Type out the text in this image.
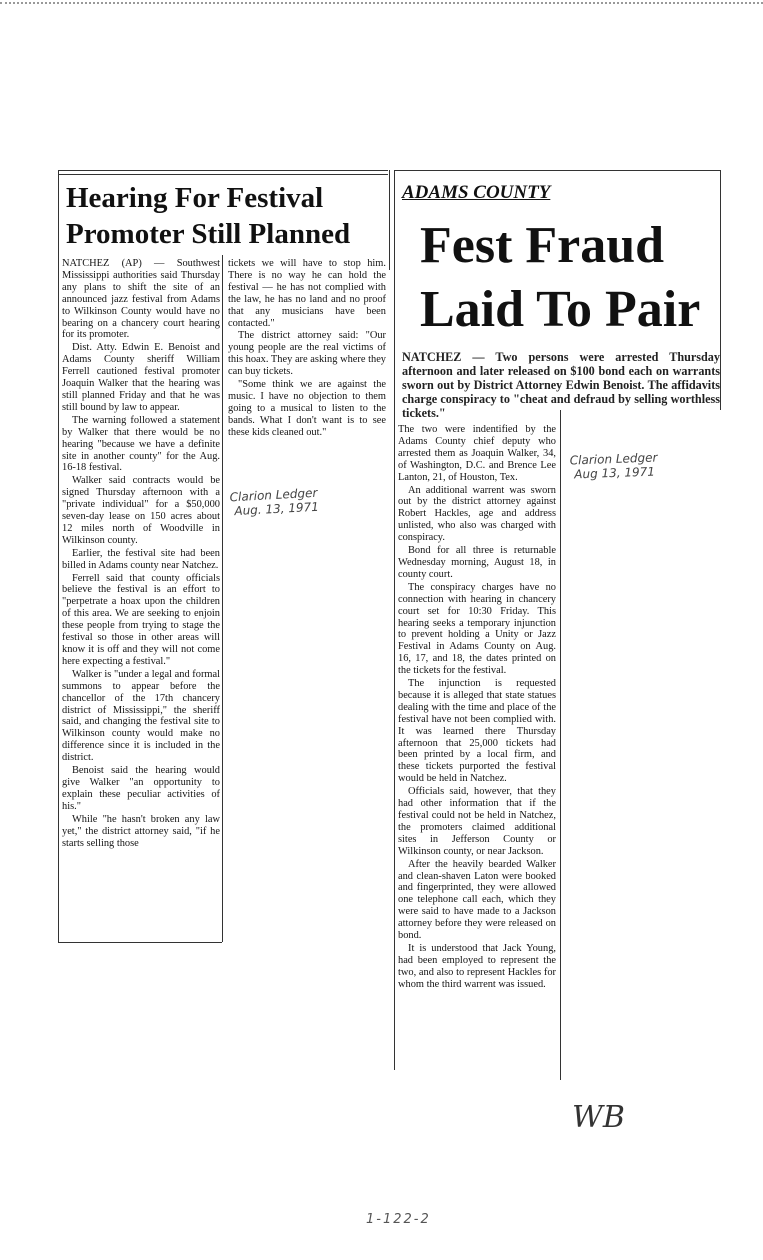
Hearing For Festival
Promoter Still Planned

NATCHEZ (AP) — Southwest Mississippi authorities said Thursday any plans to shift the site of an announced jazz festival from Adams to Wilkinson County would have no bearing on a chancery court hearing for its promoter.

Dist. Atty. Edwin E. Benoist and Adams County sheriff William Ferrell cautioned festival promoter Joaquin Walker that the hearing was still planned Friday and that he was still bound by law to appear.

The warning followed a statement by Walker that there would be no hearing "because we have a definite site in another county" for the Aug. 16-18 festival.

Walker said contracts would be signed Thursday afternoon with a "private individual" for a $50,000 seven-day lease on 150 acres about 12 miles north of Woodville in Wilkinson county.

Earlier, the festival site had been billed in Adams county near Natchez.

Ferrell said that county officials believe the festival is an effort to "perpetrate a hoax upon the children of this area. We are seeking to enjoin these people from trying to stage the festival so those in other areas will know it is off and they will not come here expecting a festival."

Walker is "under a legal and formal summons to appear before the chancellor of the 17th chancery district of Mississippi," the sheriff said, and changing the festival site to Wilkinson county would make no difference since it is included in the district.

Benoist said the hearing would give Walker "an opportunity to explain these peculiar activities of his."

While "he hasn't broken any law yet," the district attorney said, "if he starts selling those

tickets we will have to stop him. There is no way he can hold the festival — he has not complied with the law, he has no land and no proof that any musicians have been contacted."

The district attorney said: "Our young people are the real victims of this hoax. They are asking where they can buy tickets.

"Some think we are against the music. I have no objection to them going to a musical to listen to the bands. What I don't want is to see these kids cleaned out."

Clarion Ledger
Aug. 13, 1971
ADAMS COUNTY
Fest Fraud
Laid To Pair
NATCHEZ — Two persons were arrested Thursday afternoon and later released on $100 bond each on warrants sworn out by District Attorney Edwin Benoist. The affidavits charge conspiracy to "cheat and defraud by selling worthless tickets."

The two were indentified by the Adams County chief deputy who arrested them as Joaquin Walker, 34, of Washington, D.C. and Brence Lee Lanton, 21, of Houston, Tex.

An additional warrent was sworn out by the district attorney against Robert Hackles, age and address unlisted, who also was charged with conspiracy.

Bond for all three is returnable Wednesday morning, August 18, in county court.

The conspiracy charges have no connection with hearing in chancery court set for 10:30 Friday. This hearing seeks a temporary injunction to prevent holding a Unity or Jazz Festival in Adams County on Aug. 16, 17, and 18, the dates printed on the tickets for the festival.

The injunction is requested because it is alleged that state statues dealing with the time and place of the festival have not been complied with. It was learned there Thursday afternoon that 25,000 tickets had been printed by a local firm, and these tickets purported the festival would be held in Natchez.

Officials said, however, that they had other information that if the festival could not be held in Natchez, the promoters claimed additional sites in Jefferson County or Wilkinson county, or near Jackson.

After the heavily bearded Walker and clean-shaven Laton were booked and fingerprinted, they were allowed one telephone call each, which they were said to have made to a Jackson attorney before they were released on bond.

It is understood that Jack Young, had been employed to represent the two, and also to represent Hackles for whom the third warrent was issued.

Clarion Ledger
Aug 13, 1971
WB
1-122-2
